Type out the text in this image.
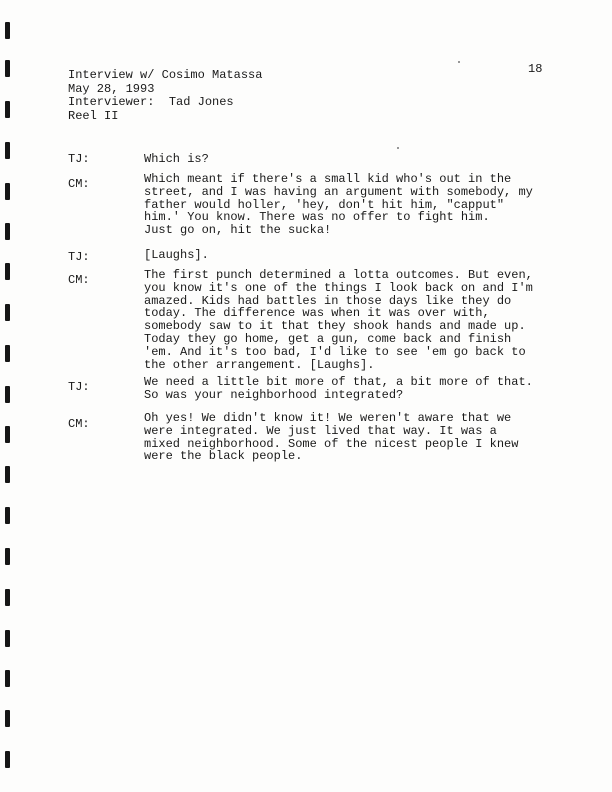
Interview w/ Cosimo Matassa
May 28, 1993
Interviewer:  Tad Jones
Reel II
18
TJ:	Which is?
CM:	Which meant if there's a small kid who's out in the
street, and I was having an argument with somebody, my
father would holler, 'hey, don't hit him, "capput"
him.' You know. There was no offer to fight him.
Just go on, hit the sucka!
TJ:	[Laughs].
CM:	The first punch determined a lotta outcomes. But even,
you know it's one of the things I look back on and I'm
amazed. Kids had battles in those days like they do
today. The difference was when it was over with,
somebody saw to it that they shook hands and made up.
Today they go home, get a gun, come back and finish
'em. And it's too bad, I'd like to see 'em go back to
the other arrangement. [Laughs].
TJ:	We need a little bit more of that, a bit more of that.
So was your neighborhood integrated?
CM:	Oh yes! We didn't know it! We weren't aware that we
were integrated. We just lived that way. It was a
mixed neighborhood. Some of the nicest people I knew
were the black people.
